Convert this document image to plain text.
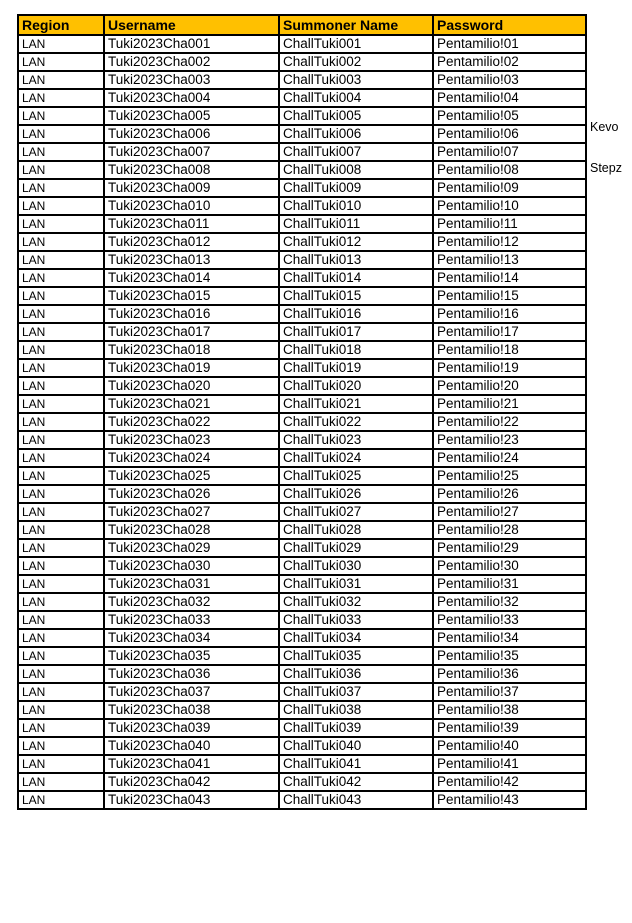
Region	Username	Summoner Name	Password
LAN	Tuki2023Cha001	ChallTuki001	Pentamilio!01
LAN	Tuki2023Cha002	ChallTuki002	Pentamilio!02
LAN	Tuki2023Cha003	ChallTuki003	Pentamilio!03
LAN	Tuki2023Cha004	ChallTuki004	Pentamilio!04
LAN	Tuki2023Cha005	ChallTuki005	Pentamilio!05
LAN	Tuki2023Cha006	ChallTuki006	Pentamilio!06
LAN	Tuki2023Cha007	ChallTuki007	Pentamilio!07
LAN	Tuki2023Cha008	ChallTuki008	Pentamilio!08
LAN	Tuki2023Cha009	ChallTuki009	Pentamilio!09
LAN	Tuki2023Cha010	ChallTuki010	Pentamilio!10
LAN	Tuki2023Cha011	ChallTuki011	Pentamilio!11
LAN	Tuki2023Cha012	ChallTuki012	Pentamilio!12
LAN	Tuki2023Cha013	ChallTuki013	Pentamilio!13
LAN	Tuki2023Cha014	ChallTuki014	Pentamilio!14
LAN	Tuki2023Cha015	ChallTuki015	Pentamilio!15
LAN	Tuki2023Cha016	ChallTuki016	Pentamilio!16
LAN	Tuki2023Cha017	ChallTuki017	Pentamilio!17
LAN	Tuki2023Cha018	ChallTuki018	Pentamilio!18
LAN	Tuki2023Cha019	ChallTuki019	Pentamilio!19
LAN	Tuki2023Cha020	ChallTuki020	Pentamilio!20
LAN	Tuki2023Cha021	ChallTuki021	Pentamilio!21
LAN	Tuki2023Cha022	ChallTuki022	Pentamilio!22
LAN	Tuki2023Cha023	ChallTuki023	Pentamilio!23
LAN	Tuki2023Cha024	ChallTuki024	Pentamilio!24
LAN	Tuki2023Cha025	ChallTuki025	Pentamilio!25
LAN	Tuki2023Cha026	ChallTuki026	Pentamilio!26
LAN	Tuki2023Cha027	ChallTuki027	Pentamilio!27
LAN	Tuki2023Cha028	ChallTuki028	Pentamilio!28
LAN	Tuki2023Cha029	ChallTuki029	Pentamilio!29
LAN	Tuki2023Cha030	ChallTuki030	Pentamilio!30
LAN	Tuki2023Cha031	ChallTuki031	Pentamilio!31
LAN	Tuki2023Cha032	ChallTuki032	Pentamilio!32
LAN	Tuki2023Cha033	ChallTuki033	Pentamilio!33
LAN	Tuki2023Cha034	ChallTuki034	Pentamilio!34
LAN	Tuki2023Cha035	ChallTuki035	Pentamilio!35
LAN	Tuki2023Cha036	ChallTuki036	Pentamilio!36
LAN	Tuki2023Cha037	ChallTuki037	Pentamilio!37
LAN	Tuki2023Cha038	ChallTuki038	Pentamilio!38
LAN	Tuki2023Cha039	ChallTuki039	Pentamilio!39
LAN	Tuki2023Cha040	ChallTuki040	Pentamilio!40
LAN	Tuki2023Cha041	ChallTuki041	Pentamilio!41
LAN	Tuki2023Cha042	ChallTuki042	Pentamilio!42
LAN	Tuki2023Cha043	ChallTuki043	Pentamilio!43
Kevo
Stepz
